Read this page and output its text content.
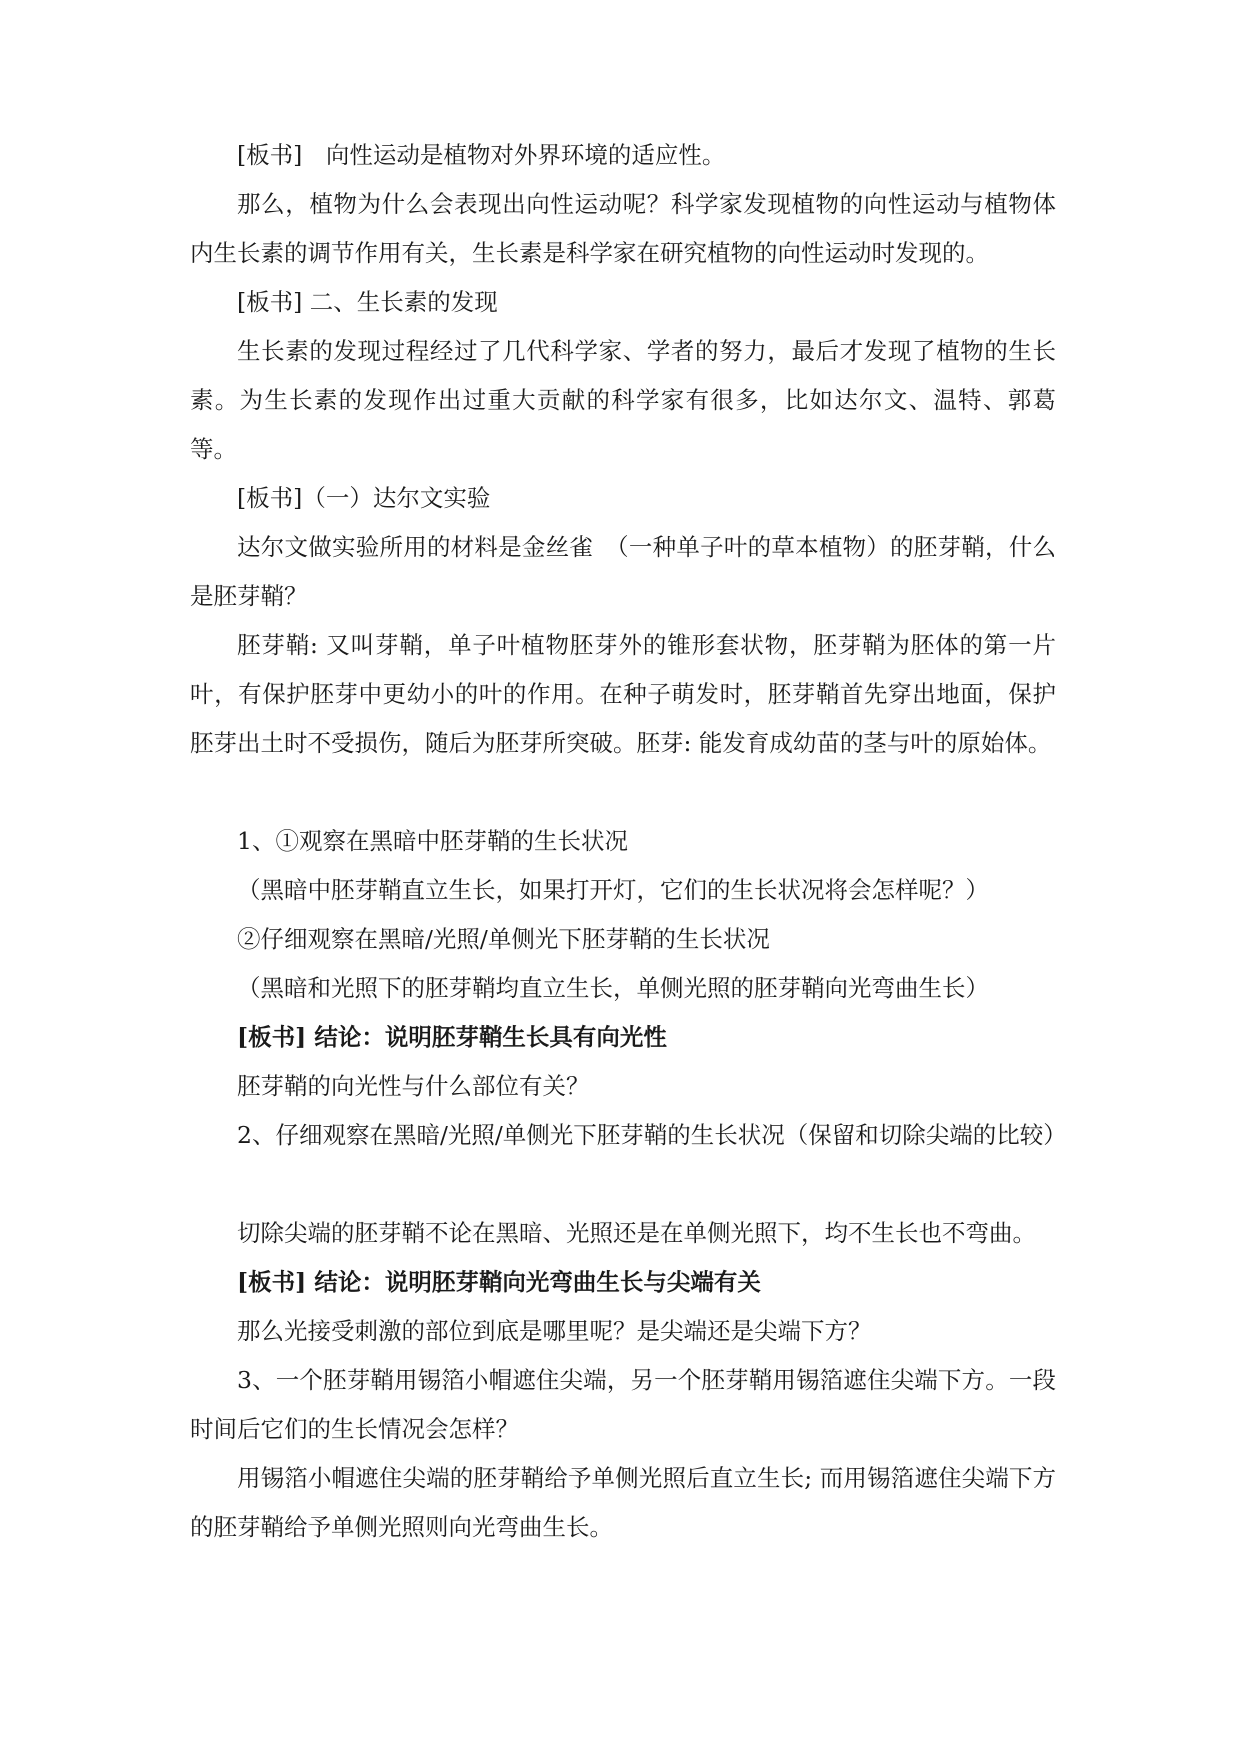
[板书]　向性运动是植物对外界环境的适应性。

那么，植物为什么会表现出向性运动呢？科学家发现植物的向性运动与植物体内生长素的调节作用有关，生长素是科学家在研究植物的向性运动时发现的。

[板书] 二、生长素的发现

生长素的发现过程经过了几代科学家、学者的努力，最后才发现了植物的生长素。为生长素的发现作出过重大贡献的科学家有很多，比如达尔文、温特、郭葛等。

[板书]（一）达尔文实验

达尔文做实验所用的材料是金丝雀　（一种单子叶的草本植物）的胚芽鞘，什么是胚芽鞘？

胚芽鞘: 又叫芽鞘，单子叶植物胚芽外的锥形套状物，胚芽鞘为胚体的第一片叶，有保护胚芽中更幼小的叶的作用。在种子萌发时，胚芽鞘首先穿出地面，保护胚芽出土时不受损伤，随后为胚芽所突破。胚芽: 能发育成幼苗的茎与叶的原始体。

1、①观察在黑暗中胚芽鞘的生长状况

（黑暗中胚芽鞘直立生长，如果打开灯，它们的生长状况将会怎样呢？）

②仔细观察在黑暗/光照/单侧光下胚芽鞘的生长状况

（黑暗和光照下的胚芽鞘均直立生长，单侧光照的胚芽鞘向光弯曲生长）

[板书] 结论：说明胚芽鞘生长具有向光性

胚芽鞘的向光性与什么部位有关？

2、仔细观察在黑暗/光照/单侧光下胚芽鞘的生长状况（保留和切除尖端的比较）

切除尖端的胚芽鞘不论在黑暗、光照还是在单侧光照下，均不生长也不弯曲。

[板书] 结论：说明胚芽鞘向光弯曲生长与尖端有关

那么光接受刺激的部位到底是哪里呢？是尖端还是尖端下方？

3、一个胚芽鞘用锡箔小帽遮住尖端，另一个胚芽鞘用锡箔遮住尖端下方。一段时间后它们的生长情况会怎样？

用锡箔小帽遮住尖端的胚芽鞘给予单侧光照后直立生长; 而用锡箔遮住尖端下方的胚芽鞘给予单侧光照则向光弯曲生长。
